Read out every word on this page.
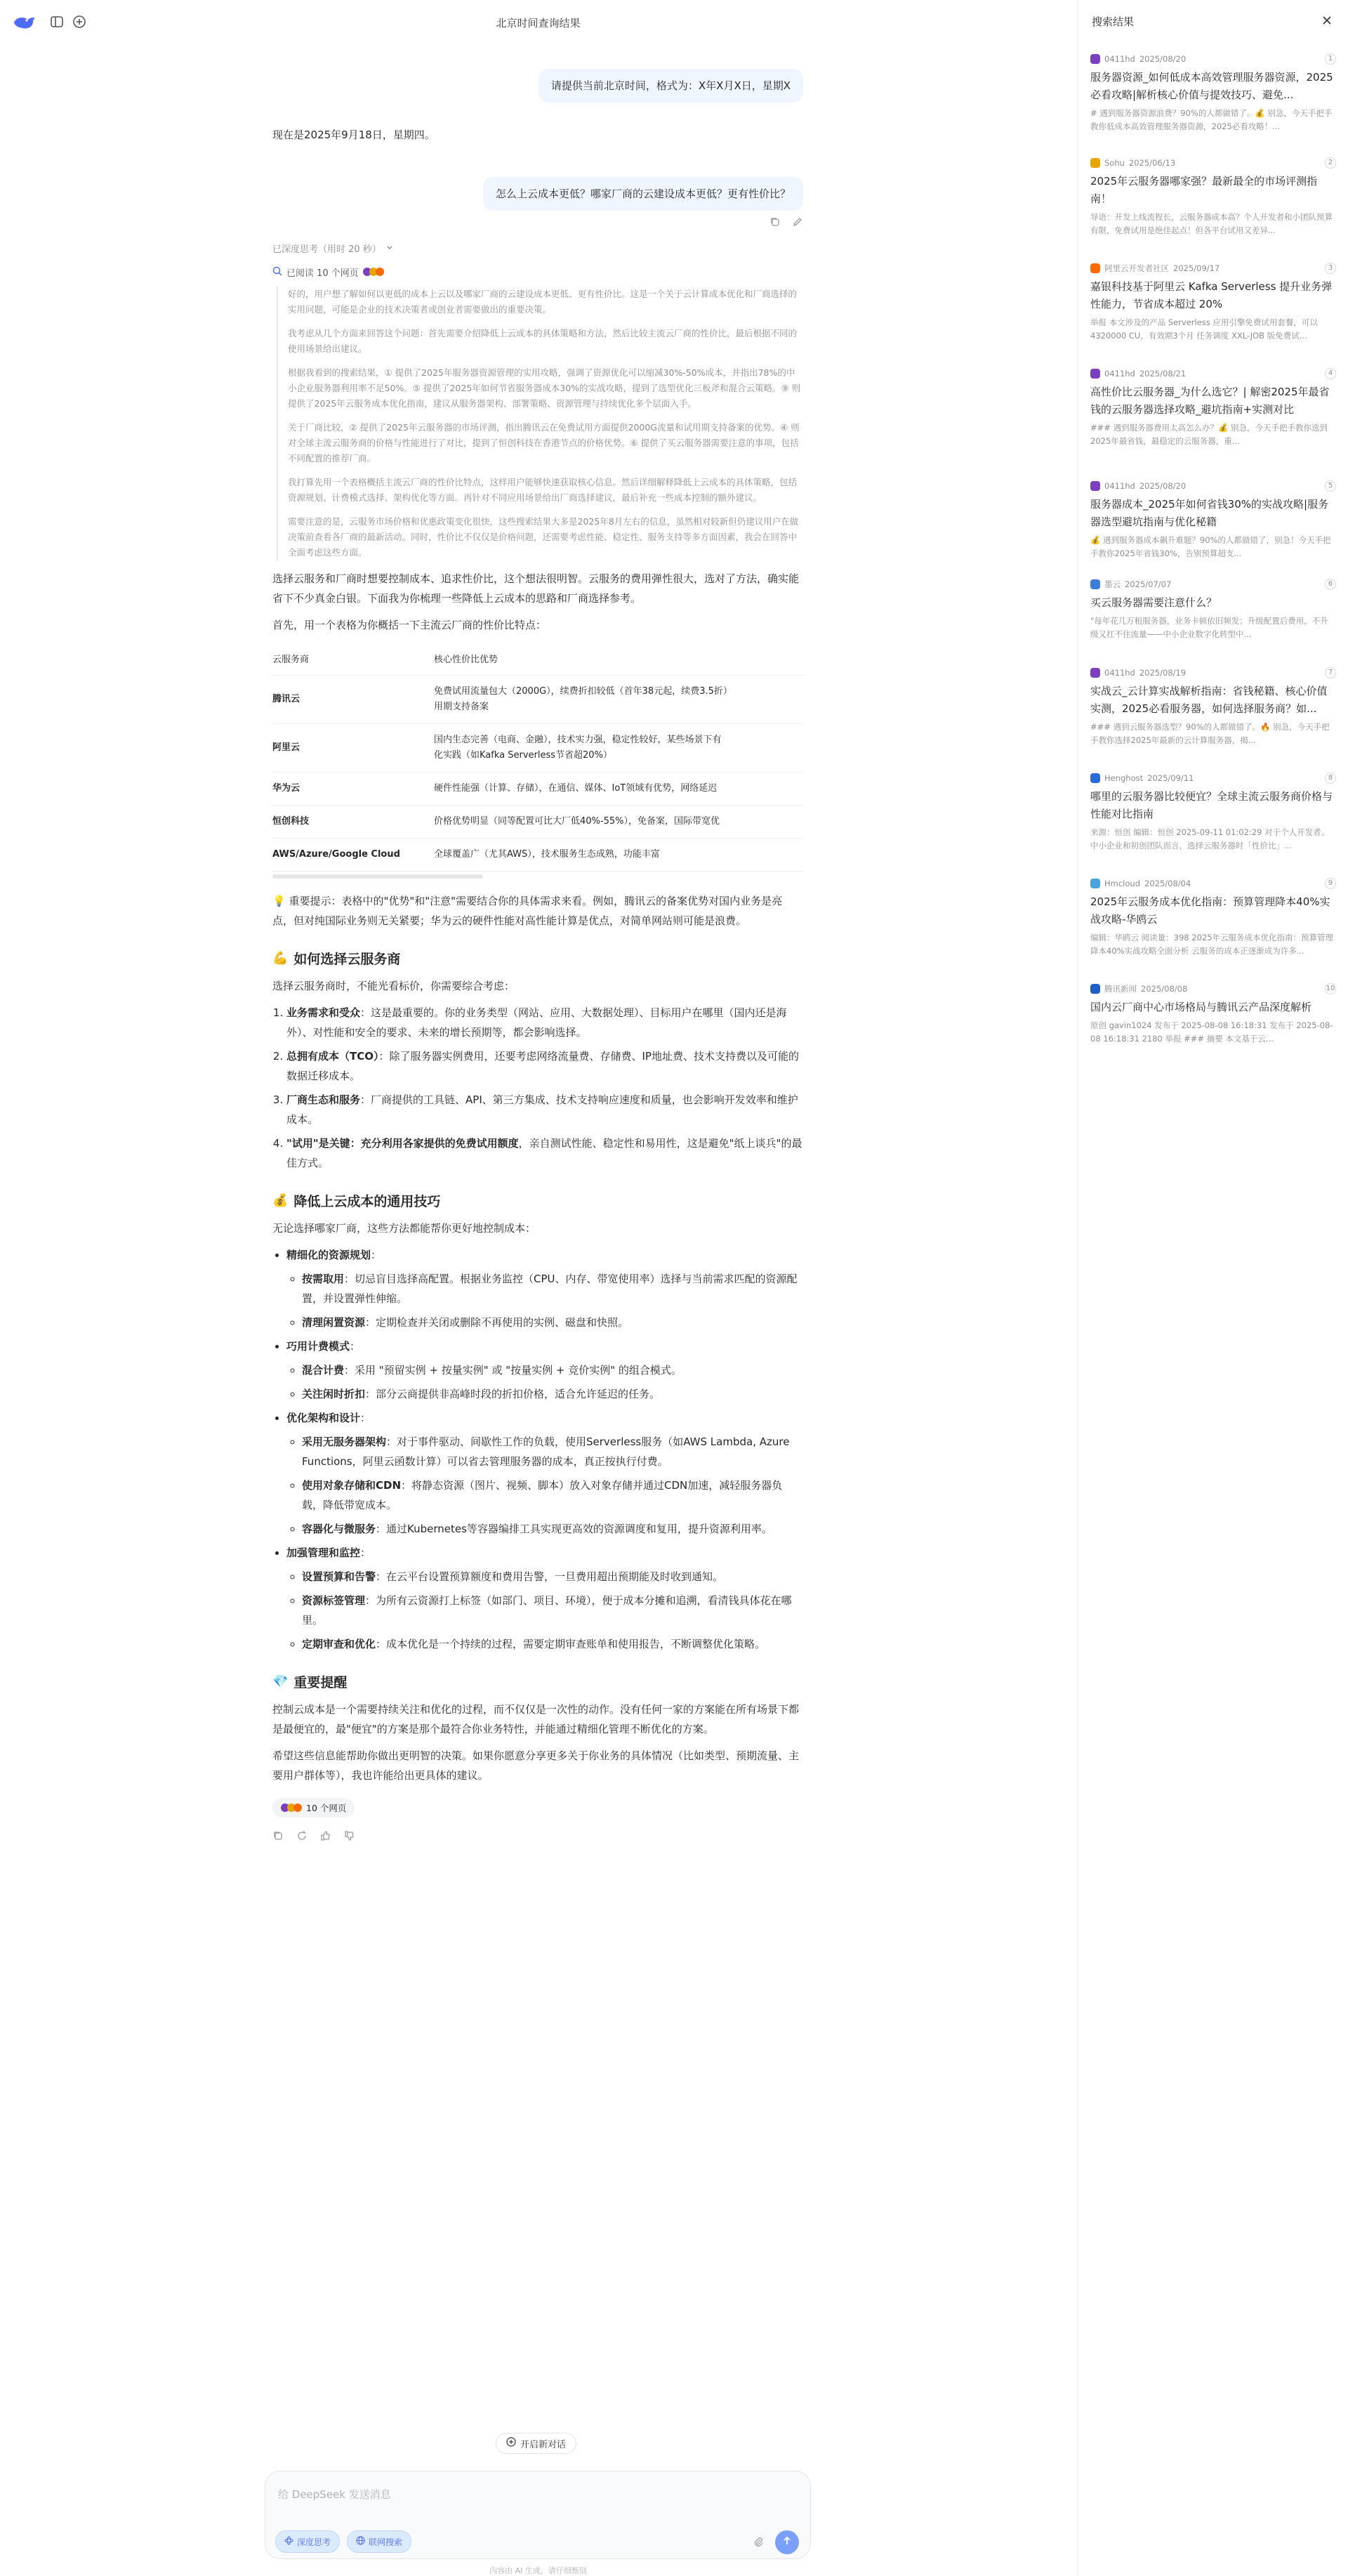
北京时间查询结果
请提供当前北京时间，格式为：X年X月X日，星期X
现在是2025年9月18日，星期四。
怎么上云成本更低？哪家厂商的云建设成本更低？更有性价比？
已深度思考（用时 20 秒）
已阅读 10 个网页

好的，用户想了解如何以更低的成本上云以及哪家厂商的云建设成本更低、更有性价比。这是一个关于云计算成本优化和厂商选择的实用问题，可能是企业的技术决策者或创业者需要做出的重要决策。

我考虑从几个方面来回答这个问题：首先需要介绍降低上云成本的具体策略和方法，然后比较主流云厂商的性价比，最后根据不同的使用场景给出建议。

根据我看到的搜索结果，① 提供了2025年服务器资源管理的实用攻略，强调了资源优化可以缩减30%-50%成本，并指出78%的中小企业服务器利用率不足50%。⑤ 提供了2025年如何节省服务器成本30%的实战攻略，提到了选型优化三板斧和混合云策略。⑨ 则提供了2025年云服务成本优化指南，建议从服务器架构、部署策略、资源管理与持续优化多个层面入手。

关于厂商比较，② 提供了2025年云服务器的市场评测，指出腾讯云在免费试用方面提供2000G流量和试用期支持备案的优势。④ 则对全球主流云服务商的价格与性能进行了对比，提到了恒创科技在香港节点的价格优势。⑥ 提供了买云服务器需要注意的事项，包括不同配置的推荐厂商。

我打算先用一个表格概括主流云厂商的性价比特点，这样用户能够快速获取核心信息。然后详细解释降低上云成本的具体策略，包括资源规划、计费模式选择、架构优化等方面。再针对不同应用场景给出厂商选择建议，最后补充一些成本控制的额外建议。

需要注意的是，云服务市场价格和优惠政策变化很快，这些搜索结果大多是2025年8月左右的信息，虽然相对较新但仍建议用户在做决策前查看各厂商的最新活动。同时，性价比不仅仅是价格问题，还需要考虑性能、稳定性、服务支持等多方面因素，我会在回答中全面考虑这些方面。

选择云服务和厂商时想要控制成本、追求性价比，这个想法很明智。云服务的费用弹性很大，选对了方法，确实能省下不少真金白银。下面我为你梳理一些降低上云成本的思路和厂商选择参考。
首先，用一个表格为你概括一下主流云厂商的性价比特点：
云服务商	核心性价比优势
腾讯云	免费试用流量包大（2000G），续费折扣较低（首年38元起，续费3.5折）
用期支持备案

阿里云	国内生态完善（电商、金融），技术实力强，稳定性较好，某些场景下有
化实践（如Kafka Serverless节省超20%）

华为云	硬件性能强（计算、存储），在通信、媒体、IoT领域有优势，网络延迟

恒创科技	价格优势明显（同等配置可比大厂低40%-55%），免备案，国际带宽优

AWS/Azure/Google Cloud	全球覆盖广（尤其AWS），技术服务生态成熟，功能丰富
💡 重要提示：表格中的"优势"和"注意"需要结合你的具体需求来看。例如，腾讯云的备案优势对国内业务是亮点，但对纯国际业务则无关紧要；华为云的硬件性能对高性能计算是优点，对简单网站则可能是浪费。
💪 如何选择云服务商
选择云服务商时，不能光看标价，你需要综合考虑：
1. 业务需求和受众：这是最重要的。你的业务类型（网站、应用、大数据处理）、目标用户在哪里（国内还是海外）、对性能和安全的要求、未来的增长预期等，都会影响选择。
2. 总拥有成本（TCO）：除了服务器实例费用，还要考虑网络流量费、存储费、IP地址费、技术支持费以及可能的数据迁移成本。
3. 厂商生态和服务：厂商提供的工具链、API、第三方集成、技术支持响应速度和质量，也会影响开发效率和维护成本。
4. "试用"是关键：充分利用各家提供的免费试用额度，亲自测试性能、稳定性和易用性，这是避免"纸上谈兵"的最佳方式。
💰 降低上云成本的通用技巧
无论选择哪家厂商，这些方法都能帮你更好地控制成本：
• 精细化的资源规划：
◦ 按需取用：切忌盲目选择高配置。根据业务监控（CPU、内存、带宽使用率）选择与当前需求匹配的资源配置，并设置弹性伸缩。
◦ 清理闲置资源：定期检查并关闭或删除不再使用的实例、磁盘和快照。
• 巧用计费模式：
◦ 混合计费：采用 "预留实例 + 按量实例" 或 "按量实例 + 竞价实例" 的组合模式。
◦ 关注闲时折扣：部分云商提供非高峰时段的折扣价格，适合允许延迟的任务。
• 优化架构和设计：
◦ 采用无服务器架构：对于事件驱动、间歇性工作的负载，使用Serverless服务（如AWS Lambda, Azure Functions，阿里云函数计算）可以省去管理服务器的成本，真正按执行付费。
◦ 使用对象存储和CDN：将静态资源（图片、视频、脚本）放入对象存储并通过CDN加速，减轻服务器负载，降低带宽成本。
◦ 容器化与微服务：通过Kubernetes等容器编排工具实现更高效的资源调度和复用，提升资源利用率。
• 加强管理和监控：
◦ 设置预算和告警：在云平台设置预算额度和费用告警，一旦费用超出预期能及时收到通知。
◦ 资源标签管理：为所有云资源打上标签（如部门、项目、环境），便于成本分摊和追溯，看清钱具体花在哪里。
◦ 定期审查和优化：成本优化是一个持续的过程，需要定期审查账单和使用报告，不断调整优化策略。
💎 重要提醒
控制云成本是一个需要持续关注和优化的过程，而不仅仅是一次性的动作。没有任何一家的方案能在所有场景下都是最便宜的，最"便宜"的方案是那个最符合你业务特性，并能通过精细化管理不断优化的方案。
希望这些信息能帮助你做出更明智的决策。如果你愿意分享更多关于你业务的具体情况（比如类型、预期流量、主要用户群体等），我也许能给出更具体的建议。
10 个网页
开启新对话
给 DeepSeek 发送消息
深度思考	联网搜索
内容由 AI 生成，请仔细甄别
搜索结果
0411hd 2025/08/20	1
服务器资源_如何低成本高效管理服务器资源，2025必看攻略|解析核心价值与提效技巧、避免...
# 遇到服务器资源浪费？90%的人都做错了。💰 别急，今天手把手教你低成本高效管理服务器资源，2025必看攻略！...
Sohu 2025/06/13	2
2025年云服务器哪家强？最新最全的市场评测指南！
导语：开发上线流程长，云服务器成本高？个人开发者和小团队预算有限，免费试用是绝佳起点！但各平台试用又差异...
阿里云开发者社区 2025/09/17	3
嘉银科技基于阿里云 Kafka Serverless 提升业务弹性能力，节省成本超过 20%
举报 本文涉及的产品 Serverless 应用引擎免费试用套餐，可以4320000 CU，有效期3个月 任务调度 XXL-JOB 版免费试...
0411hd 2025/08/21	4
高性价比云服务器_为什么选它？| 解密2025年最省钱的云服务器选择攻略_避坑指南+实测对比
### 遇到服务器费用太高怎么办？💰 别急，今天手把手教你选到2025年最省钱，最稳定的云服务器，重...
0411hd 2025/08/20	5
服务器成本_2025年如何省钱30%的实战攻略|服务器选型避坑指南与优化秘籍
💰 遇到服务器成本飙升难题？90%的人都做错了，别急！今天手把手教你2025年省钱30%，告别预算超支...
墨云 2025/07/07	6
买云服务器需要注意什么？
"每年花几万租服务器，业务卡顿依旧频发；升级配置后费用，不升级又扛不住流量——中小企业数字化转型中...
0411hd 2025/08/19	7
实战云_云计算实战解析指南：省钱秘籍、核心价值实测，2025必看服务器，如何选择服务商？如...
### 遇到云服务器选型？90%的人都做错了。🔥 别急，今天手把手教你选择2025年最新的云计算服务器，揭...
Henghost 2025/09/11	8
哪里的云服务器比较便宜？全球主流云服务商价格与性能对比指南
来源：恒创 编辑：恒创 2025-09-11 01:02:29 对于个人开发者、中小企业和初创团队而言，选择云服务器时「性价比」...
Hmcloud 2025/08/04	9
2025年云服务成本优化指南：预算管理降本40%实战攻略-华鸥云
编辑：华鸥云 阅读量：398 2025年云服务成本优化指南：预算管理降本40%实战攻略全面分析 云服务的成本正逐渐成为许多...
腾讯新闻 2025/08/08	10
国内云厂商中心市场格局与腾讯云产品深度解析
原创 gavin1024 发布于 2025-08-08 16:18:31 发布于 2025-08-08 16:18:31 2180 举报 ### 摘要 本文基于云...
